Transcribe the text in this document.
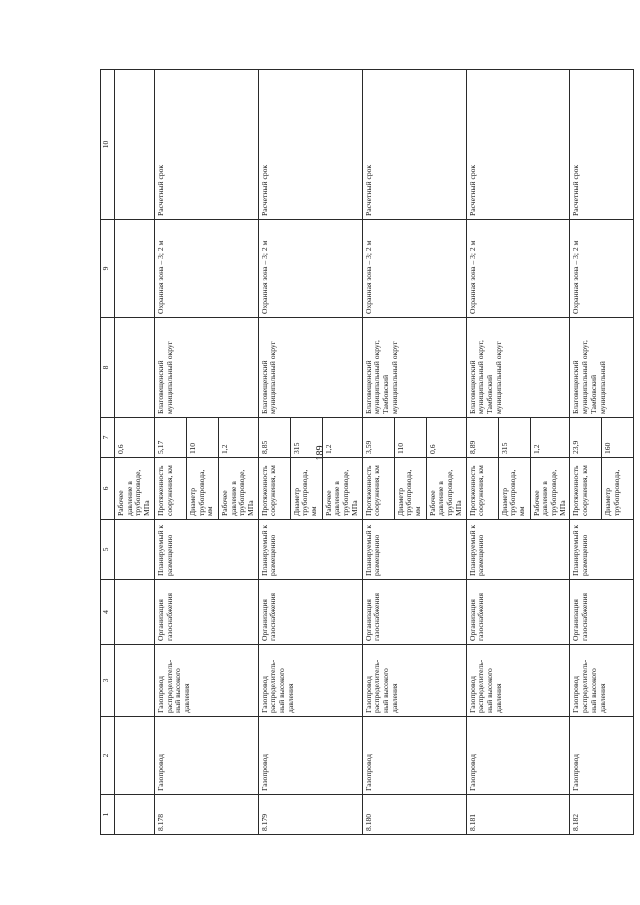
189
1	2	3	4	5	6	7	8	9	10
					Рабочее давление в трубопроводе, МПа	0,6			
8.178	Газопровод	Газопровод распределитель-ный высокого давления	Организация газоснабжения	Планируемый к размещению	Протяженность сооружения, км	5,17	Благовещенский муниципальный округ	Охранная зона – 3; 2 м	Расчетный срок
					Диаметр трубопровода, мм	110			
					Рабочее давление в трубопроводе, МПа	1,2			
8.179	Газопровод	Газопровод распределитель-ный высокого давления	Организация газоснабжения	Планируемый к размещению	Протяженность сооружения, км	8,85	Благовещенский муниципальный округ	Охранная зона – 3; 2 м	Расчетный срок
					Диаметр трубопровода, мм	315			
					Рабочее давление в трубопроводе, МПа	1,2			
8.180	Газопровод	Газопровод распределитель-ный высокого давления	Организация газоснабжения	Планируемый к размещению	Протяженность сооружения, км	3,59	Благовещенский муниципальный округ, Тамбовский муниципальный округ	Охранная зона – 3; 2 м	Расчетный срок
					Диаметр трубопровода, мм	110			
					Рабочее давление в трубопроводе, МПа	0,6			
8.181	Газопровод	Газопровод распределитель-ный высокого давления	Организация газоснабжения	Планируемый к размещению	Протяженность сооружения, км	8,89	Благовещенский муниципальный округ, Тамбовский муниципальный округ	Охранная зона – 3; 2 м	Расчетный срок
					Диаметр трубопровода, мм	315			
					Рабочее давление в трубопроводе, МПа	1,2			
8.182	Газопровод	Газопровод распределитель-ный высокого давления	Организация газоснабжения	Планируемый к размещению	Протяженность сооружения, км	23,9	Благовещенский муниципальный округ, Тамбовский муниципальный	Охранная зона – 3; 2 м	Расчетный срок
					Диаметр трубопровода,	160			
